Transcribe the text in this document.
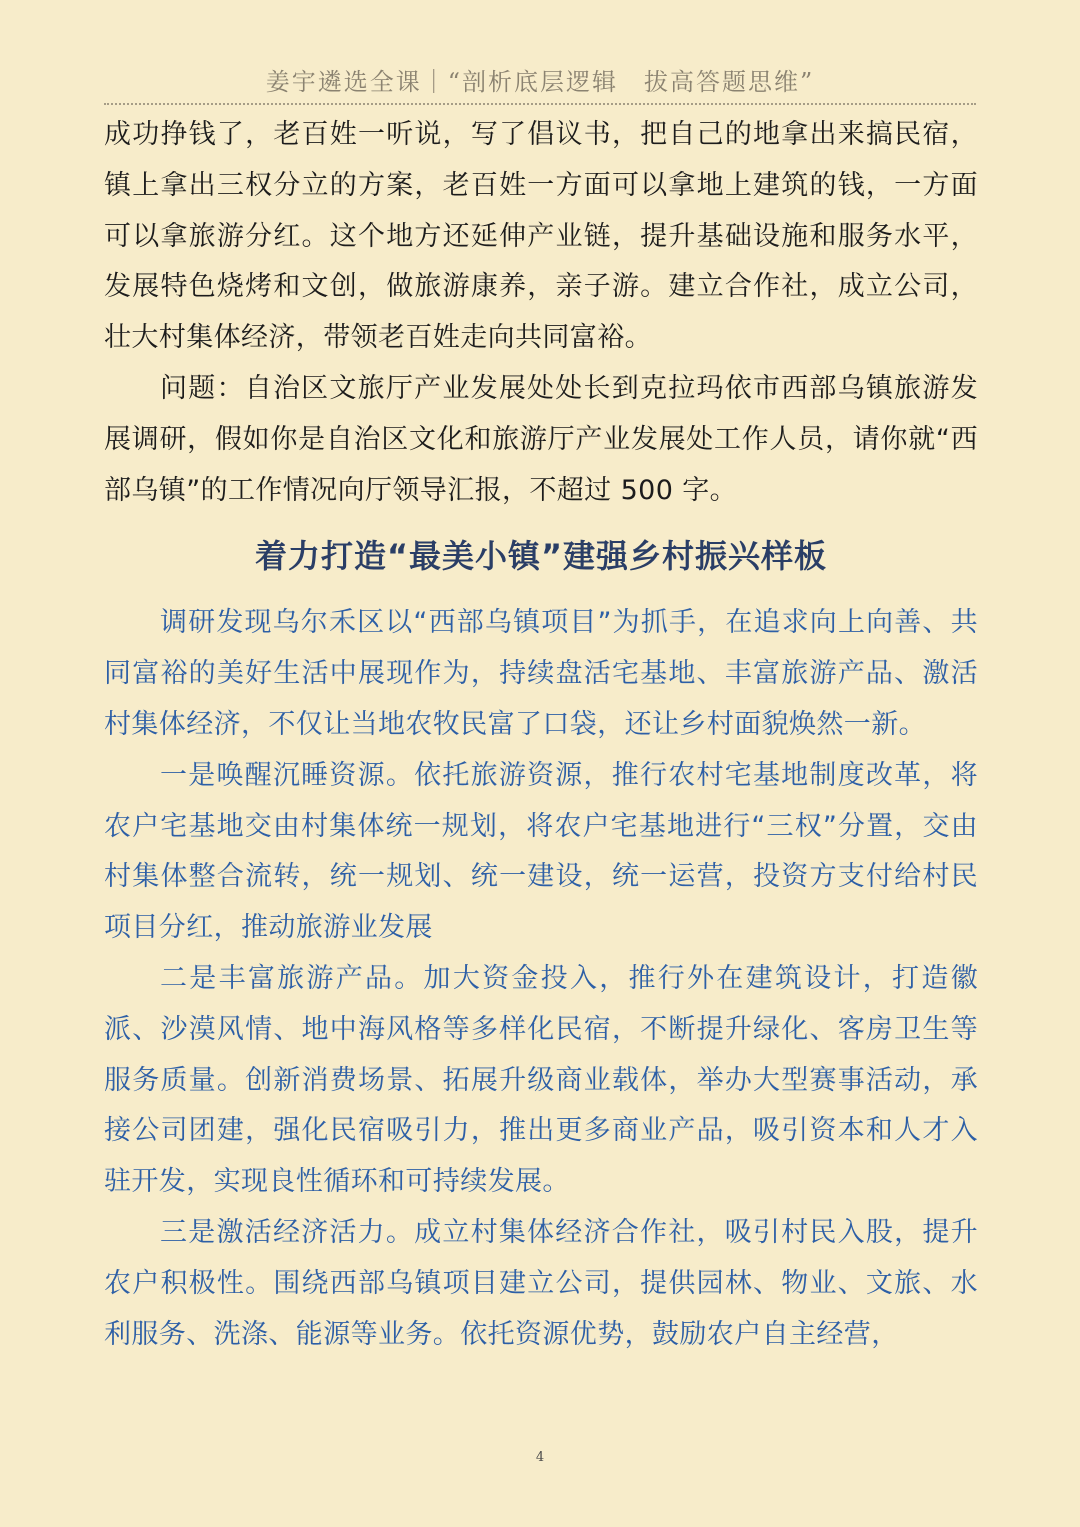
姜宇遴选全课｜“剖析底层逻辑　拔高答题思维”

成功挣钱了，老百姓一听说，写了倡议书，把自己的地拿出来搞民宿，镇上拿出三权分立的方案，老百姓一方面可以拿地上建筑的钱，一方面可以拿旅游分红。这个地方还延伸产业链，提升基础设施和服务水平，发展特色烧烤和文创，做旅游康养，亲子游。建立合作社，成立公司，壮大村集体经济，带领老百姓走向共同富裕。

问题：自治区文旅厅产业发展处处长到克拉玛依市西部乌镇旅游发展调研，假如你是自治区文化和旅游厅产业发展处工作人员，请你就“西部乌镇”的工作情况向厅领导汇报，不超过 500 字。

着力打造“最美小镇”建强乡村振兴样板

调研发现乌尔禾区以“西部乌镇项目”为抓手，在追求向上向善、共同富裕的美好生活中展现作为，持续盘活宅基地、丰富旅游产品、激活村集体经济，不仅让当地农牧民富了口袋，还让乡村面貌焕然一新。

一是唤醒沉睡资源。依托旅游资源，推行农村宅基地制度改革，将农户宅基地交由村集体统一规划，将农户宅基地进行“三权”分置，交由村集体整合流转，统一规划、统一建设，统一运营，投资方支付给村民项目分红，推动旅游业发展

二是丰富旅游产品。加大资金投入，推行外在建筑设计，打造徽派、沙漠风情、地中海风格等多样化民宿，不断提升绿化、客房卫生等服务质量。创新消费场景、拓展升级商业载体，举办大型赛事活动，承接公司团建，强化民宿吸引力，推出更多商业产品，吸引资本和人才入驻开发，实现良性循环和可持续发展。

三是激活经济活力。成立村集体经济合作社，吸引村民入股，提升农户积极性。围绕西部乌镇项目建立公司，提供园林、物业、文旅、水利服务、洗涤、能源等业务。依托资源优势，鼓励农户自主经营，

4
